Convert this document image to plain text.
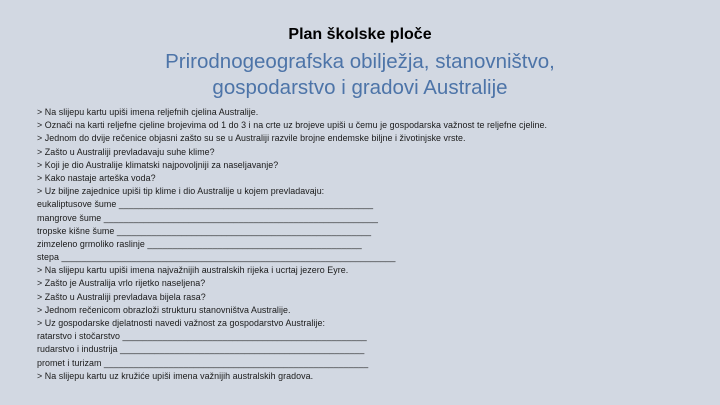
Plan školske ploče
Prirodnogeografska obilježja, stanovništvo,
gospodarstvo i gradovi Australije
> Na slijepu kartu upiši imena reljefnih cjelina Australije.
> Označi na karti reljefne cjeline brojevima od 1 do 3 i na crte uz brojeve upiši u čemu je gospodarska važnost te reljefne cjeline.
> Jednom do dvije rečenice objasni zašto su se u Australiji razvile brojne endemske biljne i životinjske vrste.
> Zašto u Australiji prevladavaju suhe klime?
> Koji je dio Australije klimatski najpovoljniji za naseljavanje?
> Kako nastaje arteška voda?
> Uz biljne zajednice upiši tip klime i dio Australije u kojem prevladavaju:
eukaliptusove šume ___________________________________________________
mangrove šume _______________________________________________________
tropske kišne šume ___________________________________________________
zimzeleno grmoliko raslinje ___________________________________________
stepa ___________________________________________________________________
> Na slijepu kartu upiši imena najvažnijih australskih rijeka i ucrtaj jezero Eyre.
> Zašto je Australija vrlo rijetko naseljena?
> Zašto u Australiji prevladava bijela rasa?
> Jednom rečenicom obrazloži strukturu stanovništva Australije.
> Uz gospodarske djelatnosti navedi važnost za gospodarstvo Australije:
ratarstvo i stočarstvo _________________________________________________
rudarstvo i industrija _________________________________________________
promet i turizam _____________________________________________________
> Na slijepu kartu uz kružiće upiši imena važnijih australskih gradova.
